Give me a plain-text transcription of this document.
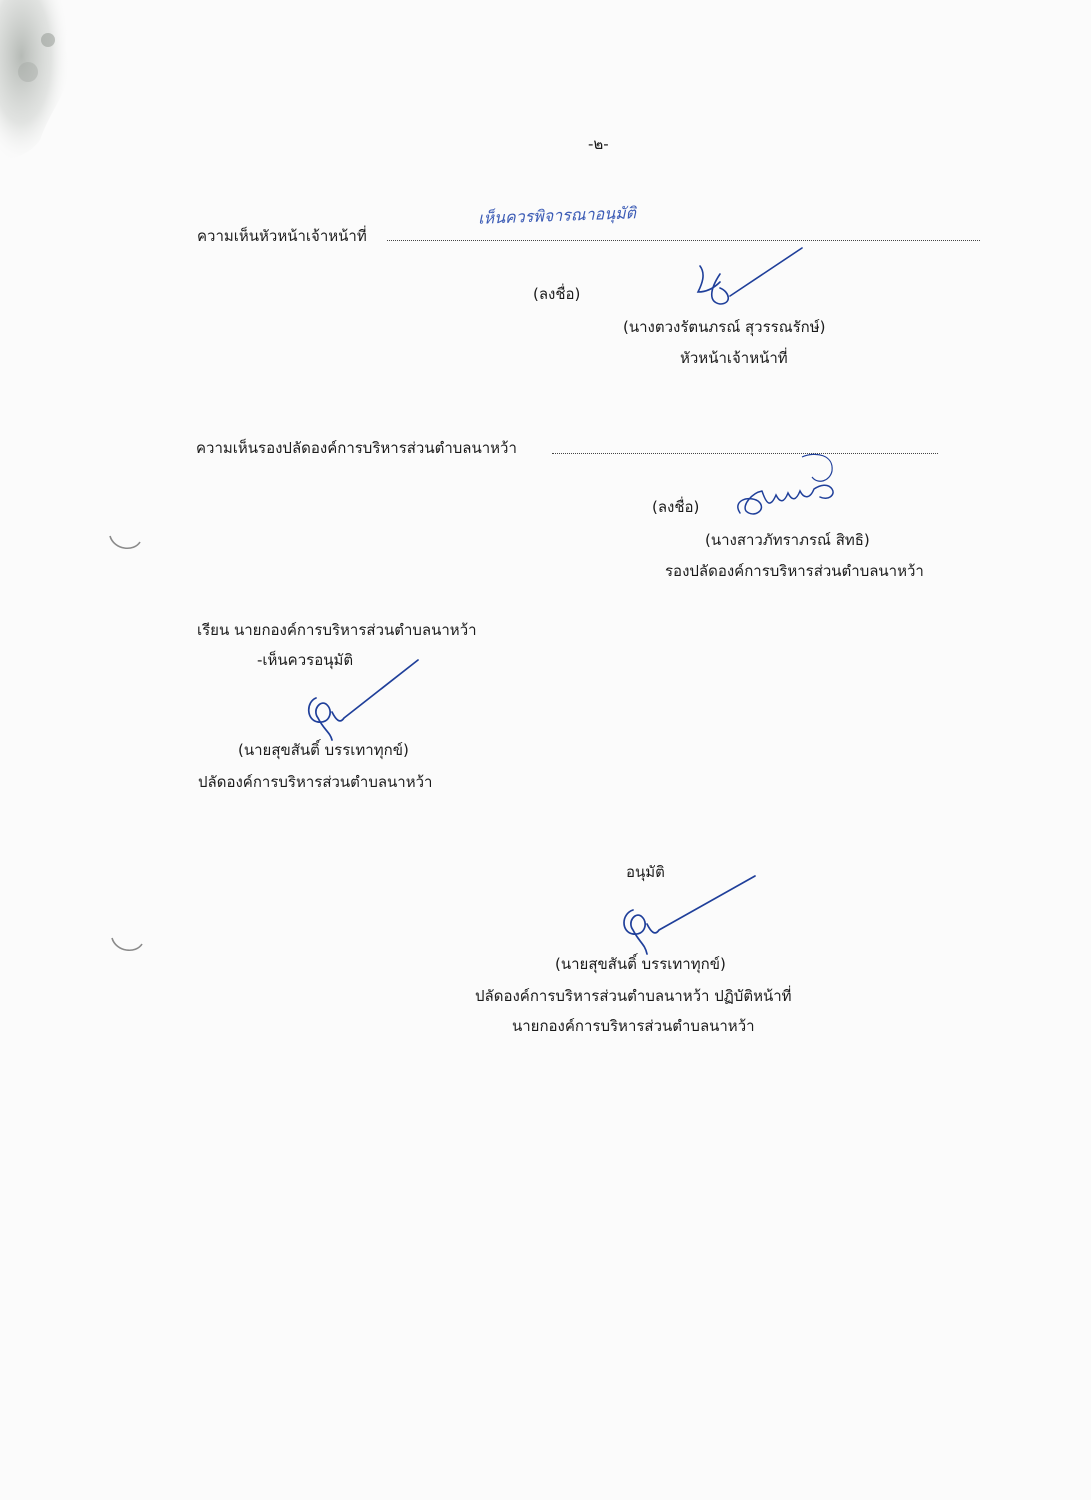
-๒-
ความเห็นหัวหน้าเจ้าหน้าที่
เห็นควรพิจารณาอนุมัติ
(ลงชื่อ)
(นางตวงรัตนภรณ์ สุวรรณรักษ์)
หัวหน้าเจ้าหน้าที่
ความเห็นรองปลัดองค์การบริหารส่วนตำบลนาหว้า
(ลงชื่อ)
(นางสาวภัทราภรณ์ สิทธิ)
รองปลัดองค์การบริหารส่วนตำบลนาหว้า
เรียน นายกองค์การบริหารส่วนตำบลนาหว้า
-เห็นควรอนุมัติ
(นายสุขสันติ์ บรรเทาทุกข์)
ปลัดองค์การบริหารส่วนตำบลนาหว้า
อนุมัติ
(นายสุขสันติ์ บรรเทาทุกข์)
ปลัดองค์การบริหารส่วนตำบลนาหว้า ปฏิบัติหน้าที่
นายกองค์การบริหารส่วนตำบลนาหว้า
